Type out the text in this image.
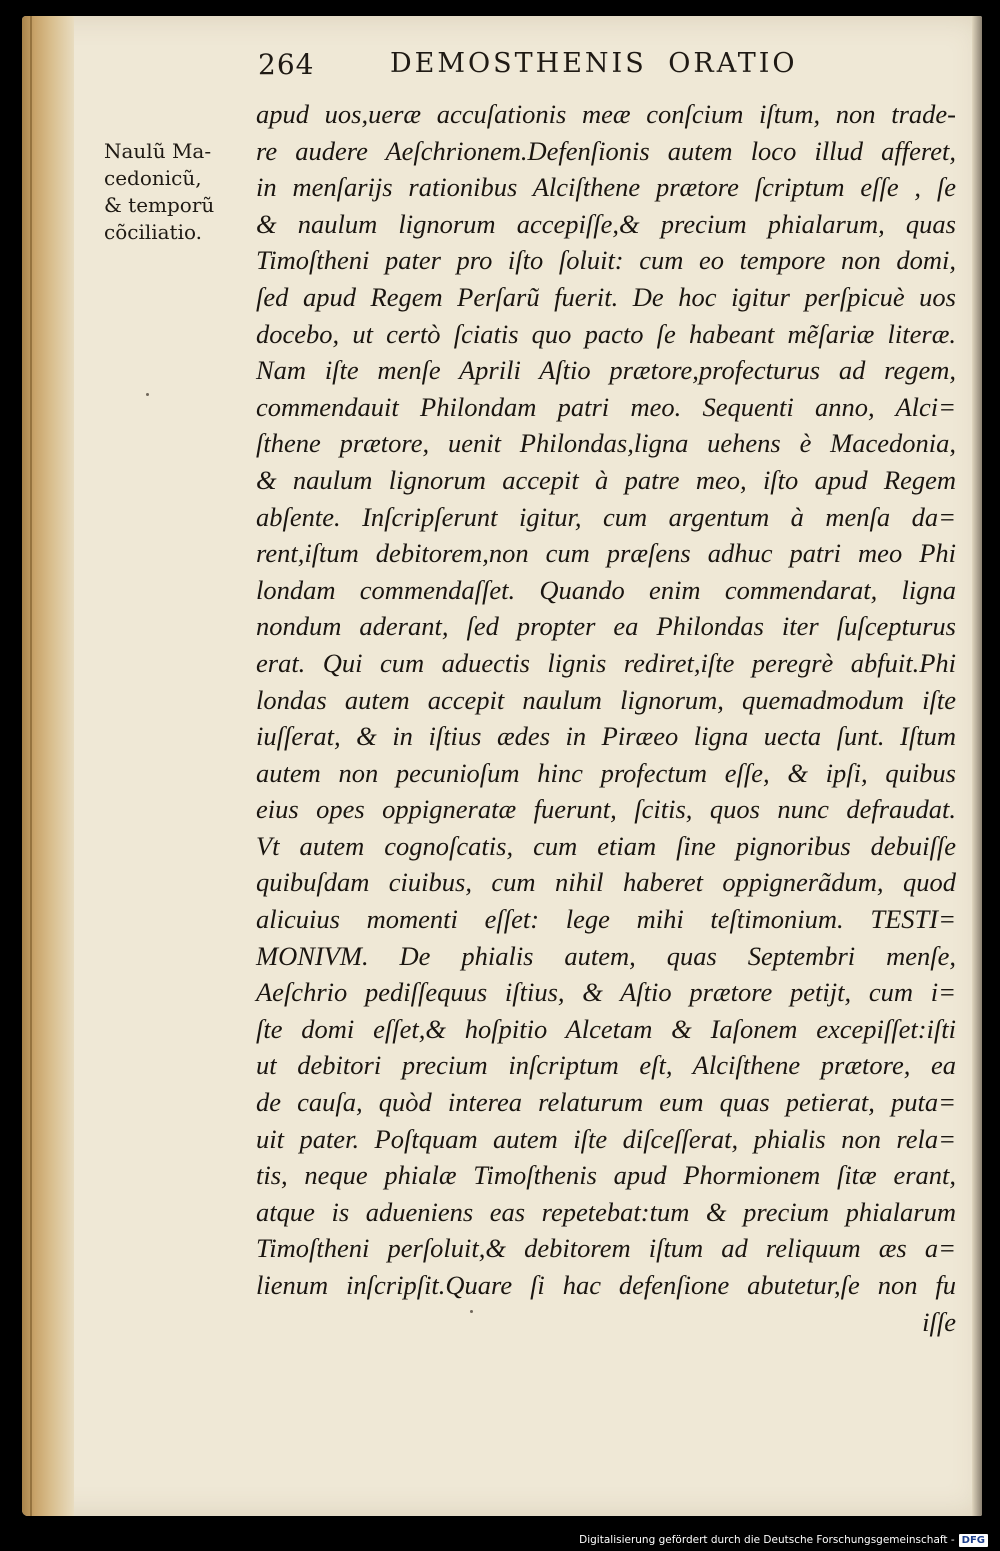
264	DEMOSTHENIS ORATIO
Naulũ Ma-
cedonicũ,
& temporũ
cõciliatio.
apud uos,ueræ accuſationis meæ conſcium iſtum, non trade-
re audere Aeſchrionem.Defenſionis autem loco illud afferet,
in menſarijs rationibus Alciſthene prætore ſcriptum eſſe , ſe
& naulum lignorum accepiſſe,& precium phialarum, quas
Timoſtheni pater pro iſto ſoluit: cum eo tempore non domi,
ſed apud Regem Perſarũ fuerit. De hoc igitur perſpicuè uos
docebo, ut certò ſciatis quo pacto ſe habeant mẽſariæ literæ.
Nam iſte menſe Aprili Aſtio prætore,profecturus ad regem,
commendauit Philondam patri meo. Sequenti anno, Alci=
ſthene prætore, uenit Philondas,ligna uehens è Macedonia,
& naulum lignorum accepit à patre meo, iſto apud Regem
abſente. Inſcripſerunt igitur, cum argentum à menſa da=
rent,iſtum debitorem,non cum præſens adhuc patri meo Phi
londam commendaſſet. Quando enim commendarat, ligna
nondum aderant, ſed propter ea Philondas iter ſuſcepturus
erat. Qui cum aduectis lignis rediret,iſte peregrè abfuit.Phi
londas autem accepit naulum lignorum, quemadmodum iſte
iuſſerat, & in iſtius ædes in Piræeo ligna uecta ſunt. Iſtum
autem non pecunioſum hinc profectum eſſe, & ipſi, quibus
eius opes oppigneratæ fuerunt, ſcitis, quos nunc defraudat.
Vt autem cognoſcatis, cum etiam ſine pignoribus debuiſſe
quibuſdam ciuibus, cum nihil haberet oppignerãdum, quod
alicuius momenti eſſet: lege mihi teſtimonium. TESTI=
MONIVM. De phialis autem, quas Septembri menſe,
Aeſchrio pediſſequus iſtius, & Aſtio prætore petijt, cum i=
ſte domi eſſet,& hoſpitio Alcetam & Iaſonem excepiſſet:iſti
ut debitori precium inſcriptum eſt, Alciſthene prætore, ea
de cauſa, quòd interea relaturum eum quas petierat, puta=
uit pater. Poſtquam autem iſte diſceſſerat, phialis non rela=
tis, neque phialæ Timoſthenis apud Phormionem ſitæ erant,
atque is adueniens eas repetebat:tum & precium phialarum
Timoſtheni perſoluit,& debitorem iſtum ad reliquum æs a=
lienum inſcripſit.Quare ſi hac defenſione abutetur,ſe non fu
iſſe
Digitalisierung gefördert durch die Deutsche Forschungsgemeinschaft - DFG
